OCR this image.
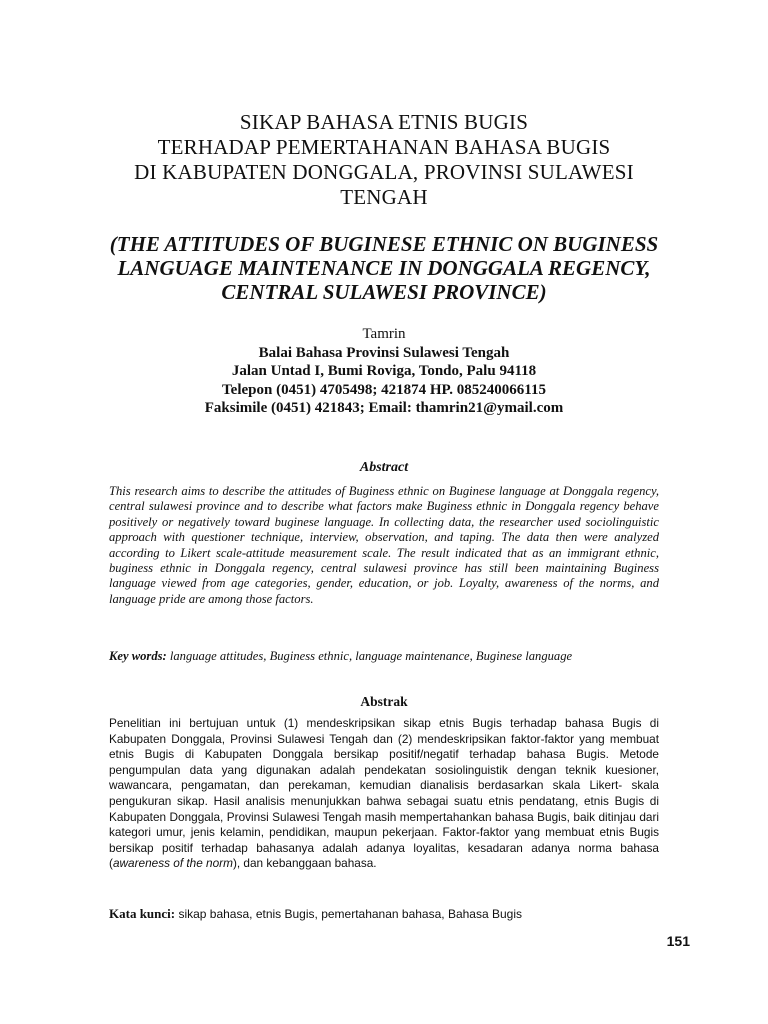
SIKAP BAHASA ETNIS BUGIS
TERHADAP PEMERTAHANAN BAHASA BUGIS
DI KABUPATEN DONGGALA, PROVINSI SULAWESI
TENGAH
(THE ATTITUDES OF BUGINESE ETHNIC ON BUGINESS
LANGUAGE MAINTENANCE IN DONGGALA REGENCY,
CENTRAL SULAWESI PROVINCE)
Tamrin
Balai Bahasa Provinsi Sulawesi Tengah
Jalan Untad I, Bumi Roviga, Tondo, Palu 94118
Telepon (0451) 4705498; 421874 HP. 085240066115
Faksimile (0451) 421843; Email: thamrin21@ymail.com
Abstract

This research aims to describe the attitudes of Buginess ethnic on Buginese language at Donggala regency, central sulawesi province and to describe what factors make Buginess ethnic in Donggala regency behave positively or negatively toward buginese language. In collecting data, the researcher used sociolinguistic approach with questioner technique, interview, observation, and taping. The data then were analyzed according to Likert scale-attitude measurement scale. The result indicated that as an immigrant ethnic, buginess ethnic in Donggala regency, central sulawesi province has still been maintaining Buginess language viewed from age categories, gender, education, or job. Loyalty, awareness of the norms, and language pride are among those factors.

Key words: language attitudes, Buginess ethnic, language maintenance, Buginese language
Abstrak

Penelitian ini bertujuan untuk (1) mendeskripsikan sikap etnis Bugis terhadap bahasa Bugis di Kabupaten Donggala, Provinsi Sulawesi Tengah dan (2) mendeskripsikan faktor-faktor yang membuat etnis Bugis di Kabupaten Donggala bersikap positif/negatif terhadap bahasa Bugis. Metode pengumpulan data yang digunakan adalah pendekatan sosiolinguistik dengan teknik kuesioner, wawancara, pengamatan, dan perekaman, kemudian dianalisis berdasarkan skala Likert- skala pengukuran sikap. Hasil analisis menunjukkan bahwa sebagai suatu etnis pendatang, etnis Bugis di Kabupaten Donggala, Provinsi Sulawesi Tengah masih mempertahankan bahasa Bugis, baik ditinjau dari kategori umur, jenis kelamin, pendidikan, maupun pekerjaan. Faktor-faktor yang membuat etnis Bugis bersikap positif terhadap bahasanya adalah adanya loyalitas, kesadaran adanya norma bahasa (awareness of the norm), dan kebanggaan bahasa.

Kata kunci: sikap bahasa, etnis Bugis, pemertahanan bahasa, Bahasa Bugis
151
